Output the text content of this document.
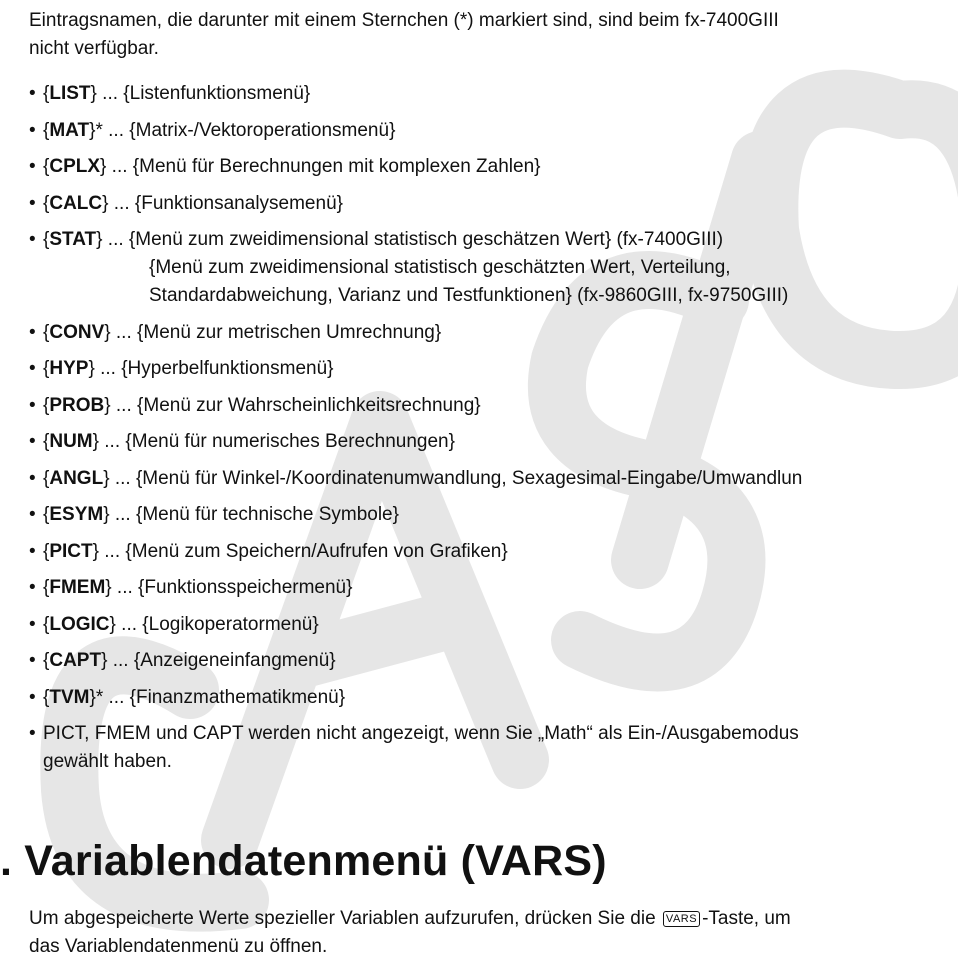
Eintragsnamen, die darunter mit einem Sternchen (*) markiert sind, sind beim fx-7400GIII
nicht verfügbar.

• {LIST} ... {Listenfunktionsmenü}
• {MAT}* ... {Matrix-/Vektoroperationsmenü}
• {CPLX} ... {Menü für Berechnungen mit komplexen Zahlen}
• {CALC} ... {Funktionsanalysemenü}
• {STAT} ... {Menü zum zweidimensional statistisch geschätzen Wert} (fx-7400GIII)
{Menü zum zweidimensional statistisch geschätzten Wert, Verteilung,
Standardabweichung, Varianz und Testfunktionen} (fx-9860GIII, fx-9750GIII)
• {CONV} ... {Menü zur metrischen Umrechnung}
• {HYP} ... {Hyperbelfunktionsmenü}
• {PROB} ... {Menü zur Wahrscheinlichkeitsrechnung}
• {NUM} ... {Menü für numerisches Berechnungen}
• {ANGL} ... {Menü für Winkel-/Koordinatenumwandlung, Sexagesimal-Eingabe/Umwandlun
• {ESYM} ... {Menü für technische Symbole}
• {PICT} ... {Menü zum Speichern/Aufrufen von Grafiken}
• {FMEM} ... {Funktionsspeichermenü}
• {LOGIC} ... {Logikoperatormenü}
• {CAPT} ... {Anzeigeneinfangmenü}
• {TVM}* ... {Finanzmathematikmenü}
• PICT, FMEM und CAPT werden nicht angezeigt, wenn Sie „Math“ als Ein-/Ausgabemodus
gewählt haben.
. Variablendatenmenü (VARS)

Um abgespeicherte Werte spezieller Variablen aufzurufen, drücken Sie die VARS -Taste, um
das Variablendatenmenü zu öffnen.
